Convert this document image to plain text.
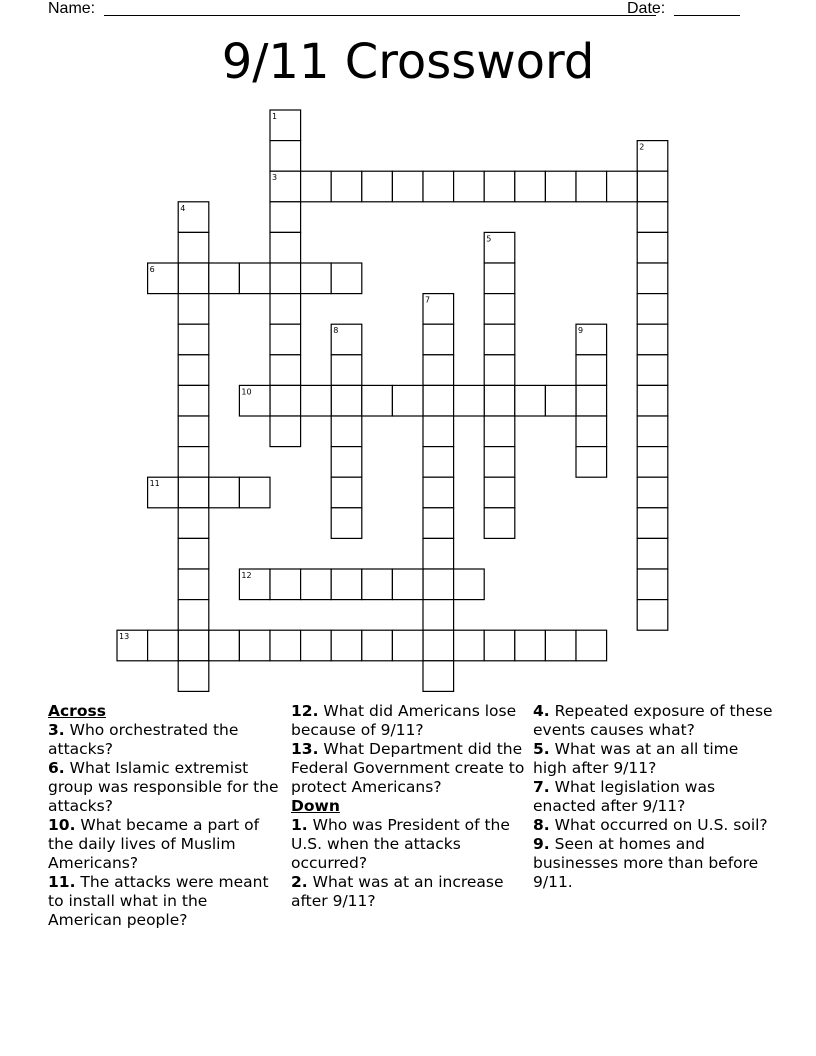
Name:	Date:
9/11 Crossword
1
2
3
4
5
6
7
8	9
10
11
12
13
Across

3. Who orchestrated the attacks?

6. What Islamic extremist group was responsible for the attacks?

10. What became a part of the daily lives of Muslim Americans?

11. The attacks were meant to install what in the American people?

12. What did Americans lose because of 9/11?

13. What Department did the Federal Government create to protect Americans?

Down

1. Who was President of the U.S. when the attacks occurred?

2. What was at an increase after 9/11?

4. Repeated exposure of these events causes what?

5. What was at an all time high after 9/11?

7. What legislation was enacted after 9/11?

8. What occurred on U.S. soil?

9. Seen at homes and businesses more than before 9/11.
